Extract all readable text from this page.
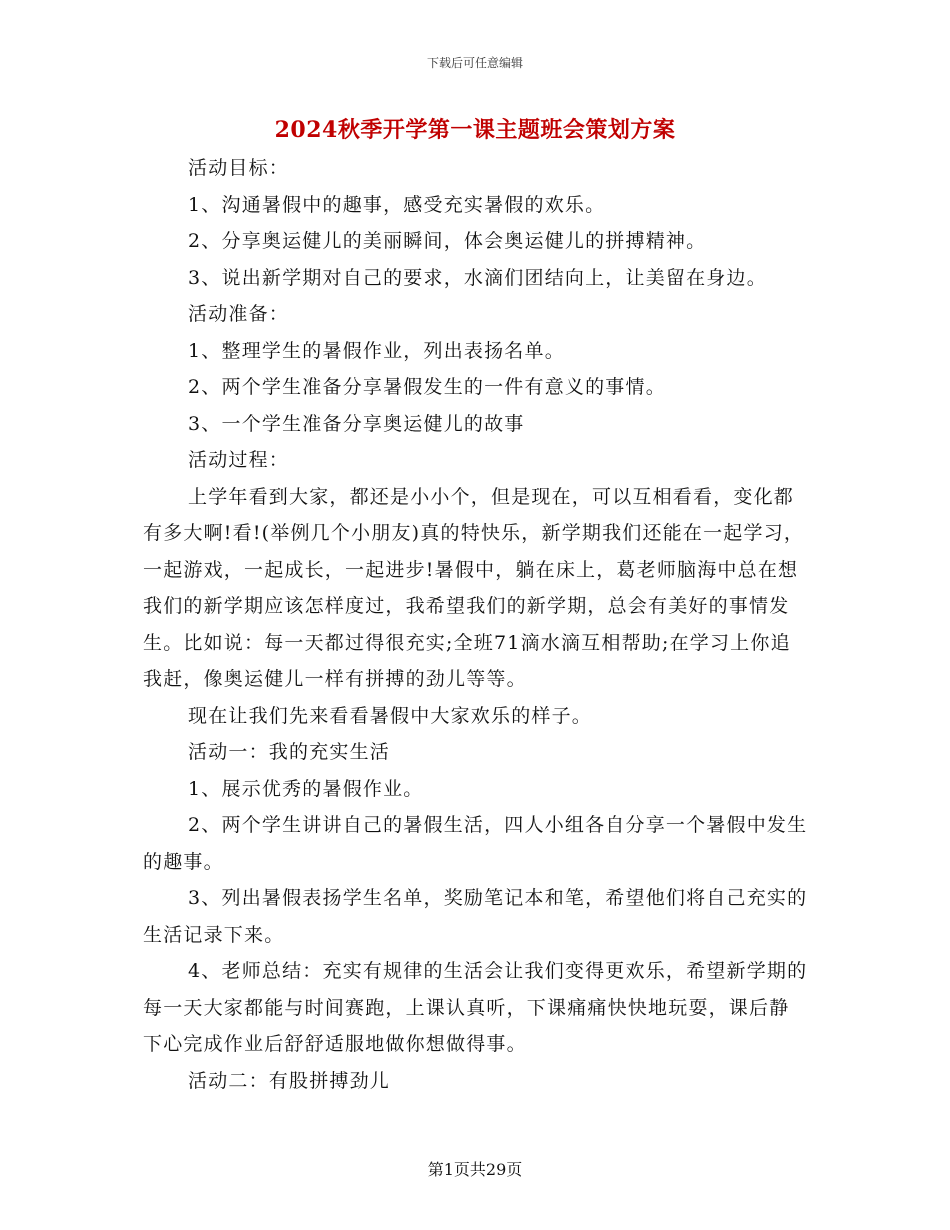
下载后可任意编辑
2024秋季开学第一课主题班会策划方案

活动目标：

1、沟通暑假中的趣事，感受充实暑假的欢乐。

2、分享奥运健儿的美丽瞬间，体会奥运健儿的拼搏精神。

3、说出新学期对自己的要求，水滴们团结向上，让美留在身边。

活动准备：

1、整理学生的暑假作业，列出表扬名单。

2、两个学生准备分享暑假发生的一件有意义的事情。

3、一个学生准备分享奥运健儿的故事

活动过程：

上学年看到大家，都还是小小个，但是现在，可以互相看看，变化都有多大啊!看!(举例几个小朋友)真的特快乐，新学期我们还能在一起学习，一起游戏，一起成长，一起进步!暑假中，躺在床上，葛老师脑海中总在想我们的新学期应该怎样度过，我希望我们的新学期，总会有美好的事情发生。比如说：每一天都过得很充实;全班71滴水滴互相帮助;在学习上你追我赶，像奥运健儿一样有拼搏的劲儿等等。

现在让我们先来看看暑假中大家欢乐的样子。

活动一：我的充实生活

1、展示优秀的暑假作业。

2、两个学生讲讲自己的暑假生活，四人小组各自分享一个暑假中发生的趣事。

3、列出暑假表扬学生名单，奖励笔记本和笔，希望他们将自己充实的生活记录下来。

4、老师总结：充实有规律的生活会让我们变得更欢乐，希望新学期的每一天大家都能与时间赛跑，上课认真听，下课痛痛快快地玩耍，课后静下心完成作业后舒舒适服地做你想做得事。

活动二：有股拼搏劲儿

第1页共29页
